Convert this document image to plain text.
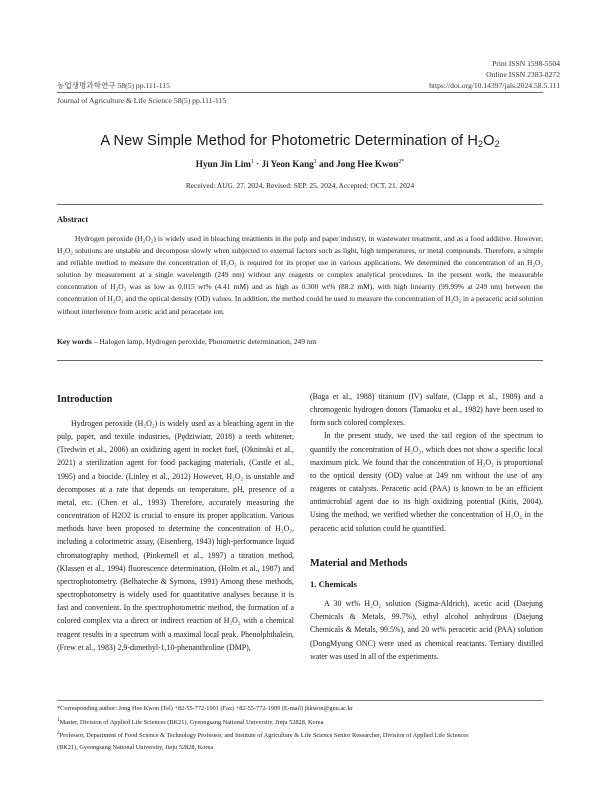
Print ISSN 1598-5504
Online ISSN 2383-8272
https://doi.org/10.14397/jals.2024.58.5.111
농업생명과학연구 58(5) pp.111-115
Journal of Agriculture & Life Science 58(5) pp.111-115
A New Simple Method for Photometric Determination of $H_2O_2$
Hyun Jin Lim$^1$ · Ji Yeon Kang$^1$ and Jong Hee Kwon$^{2*}$
Received: AUG. 27. 2024, Revised: SEP. 25. 2024, Accepted: OCT. 21. 2024
Abstract

Hydrogen peroxide (H₂O₂) is widely used in bleaching treatments in the pulp and paper industry, in wastewater treatment, and as a food additive. However, H₂O₂ solutions are unstable and decompose slowly when subjected to external factors such as light, high temperatures, or metal compounds. Therefore, a simple and reliable method to measure the concentration of H₂O₂ is required for its proper use in various applications. We determined the concentration of an H₂O₂ solution by measurement at a single wavelength (249 nm) without any reagents or complex analytical procedures. In the present work, the measurable concentration of H₂O₂ was as low as 0.015 wt% (4.41 mM) and as high as 0.300 wt% (88.2 mM), with high linearity (99.99% at 249 nm) between the concentration of H₂O₂ and the optical density (OD) values. In addition, the method could be used to measure the concentration of H₂O₂ in a peracetic acid solution without interference from acetic acid and peracetate ion.

Key words – Halogen lamp, Hydrogen peroxide, Photometric determination, 249 nm
Introduction

Hydrogen peroxide (H₂O₂) is widely used as a bleaching agent in the pulp, paper, and textile industries, (Pędziwiatr, 2018) a teeth whitener, (Tredwin et al., 2006) an oxidizing agent in rocket fuel, (Okninski et al., 2021) a sterilization agent for food packaging materials, (Castle et al., 1995) and a biocide. (Linley et al., 2012) However, H₂O₂ is unstable and decomposes at a rate that depends on temperature, pH, presence of a metal, etc. (Chen et al., 1993) Therefore, accurately measuring the concentration of H2O2 is crucial to ensure its proper application. Various methods have been proposed to determine the concentration of H₂O₂, including a colorimetric assay, (Eisenberg, 1943) high-performance liquid chromatography method, (Pinkernell et al., 1997) a titration method, (Klassen et al., 1994) fluorescence determination, (Holm et al., 1987) and spectrophotometry. (Belhateche & Symons, 1991) Among these methods, spectrophotometry is widely used for quantitative analyses because it is fast and convenient. In the spectrophotometric method, the formation of a colored complex via a direct or indirect reaction of H₂O₂ with a chemical reagent results in a spectrum with a maximal local peak. Phenolphthalein, (Frew et al., 1983) 2,9-dimethyl-1,10-phenanthroline (DMP),

(Baga et al., 1988) titanium (IV) sulfate, (Clapp et al., 1989) and a chromogenic hydrogen donors (Tamaoku et al., 1982) have been used to form such colored complexes.

In the present study, we used the tail region of the spectrum to quantify the concentration of H₂O₂, which does not show a specific local maximum pick. We found that the concentration of H₂O₂ is proportional to the optical density (OD) value at 249 nm without the use of any reagents or catalysts. Peracetic acid (PAA) is known to be an efficient antimicrobial agent due to its high oxidizing potential (Kitis, 2004). Using the method, we verified whether the concentration of H₂O₂ in the peracetic acid solution could be quantified.

Material and Methods
1. Chemicals

A 30 wt% H₂O₂ solution (Sigma-Aldrich), acetic acid (Daejung Chemicals & Metals, 99.7%), ethyl alcohol anhydrous (Daejung Chemicals & Metals, 99.5%), and 20 wt% peracetic acid (PAA) solution (DongMyung ONC) were used as chemical reactants. Tertiary distilled water was used in all of the experiments.

*Corresponding author: Jong Hee Kwon (Tel) +82-55-772-1901 (Fax) +82-55-772-1909 (E-mail) jhkwon@gnu.ac.kr
$^1$Master, Division of Applied Life Sciences (BK21), Gyeongsang National University, Jinju 52828, Korea
$^2$Professor, Department of Food Science & Technology Professor, and Institute of Agriculture & Life Science Senior Researcher, Division of Applied Life Sciences
(BK21), Gyeongsang National University, Jinju 52828, Korea
